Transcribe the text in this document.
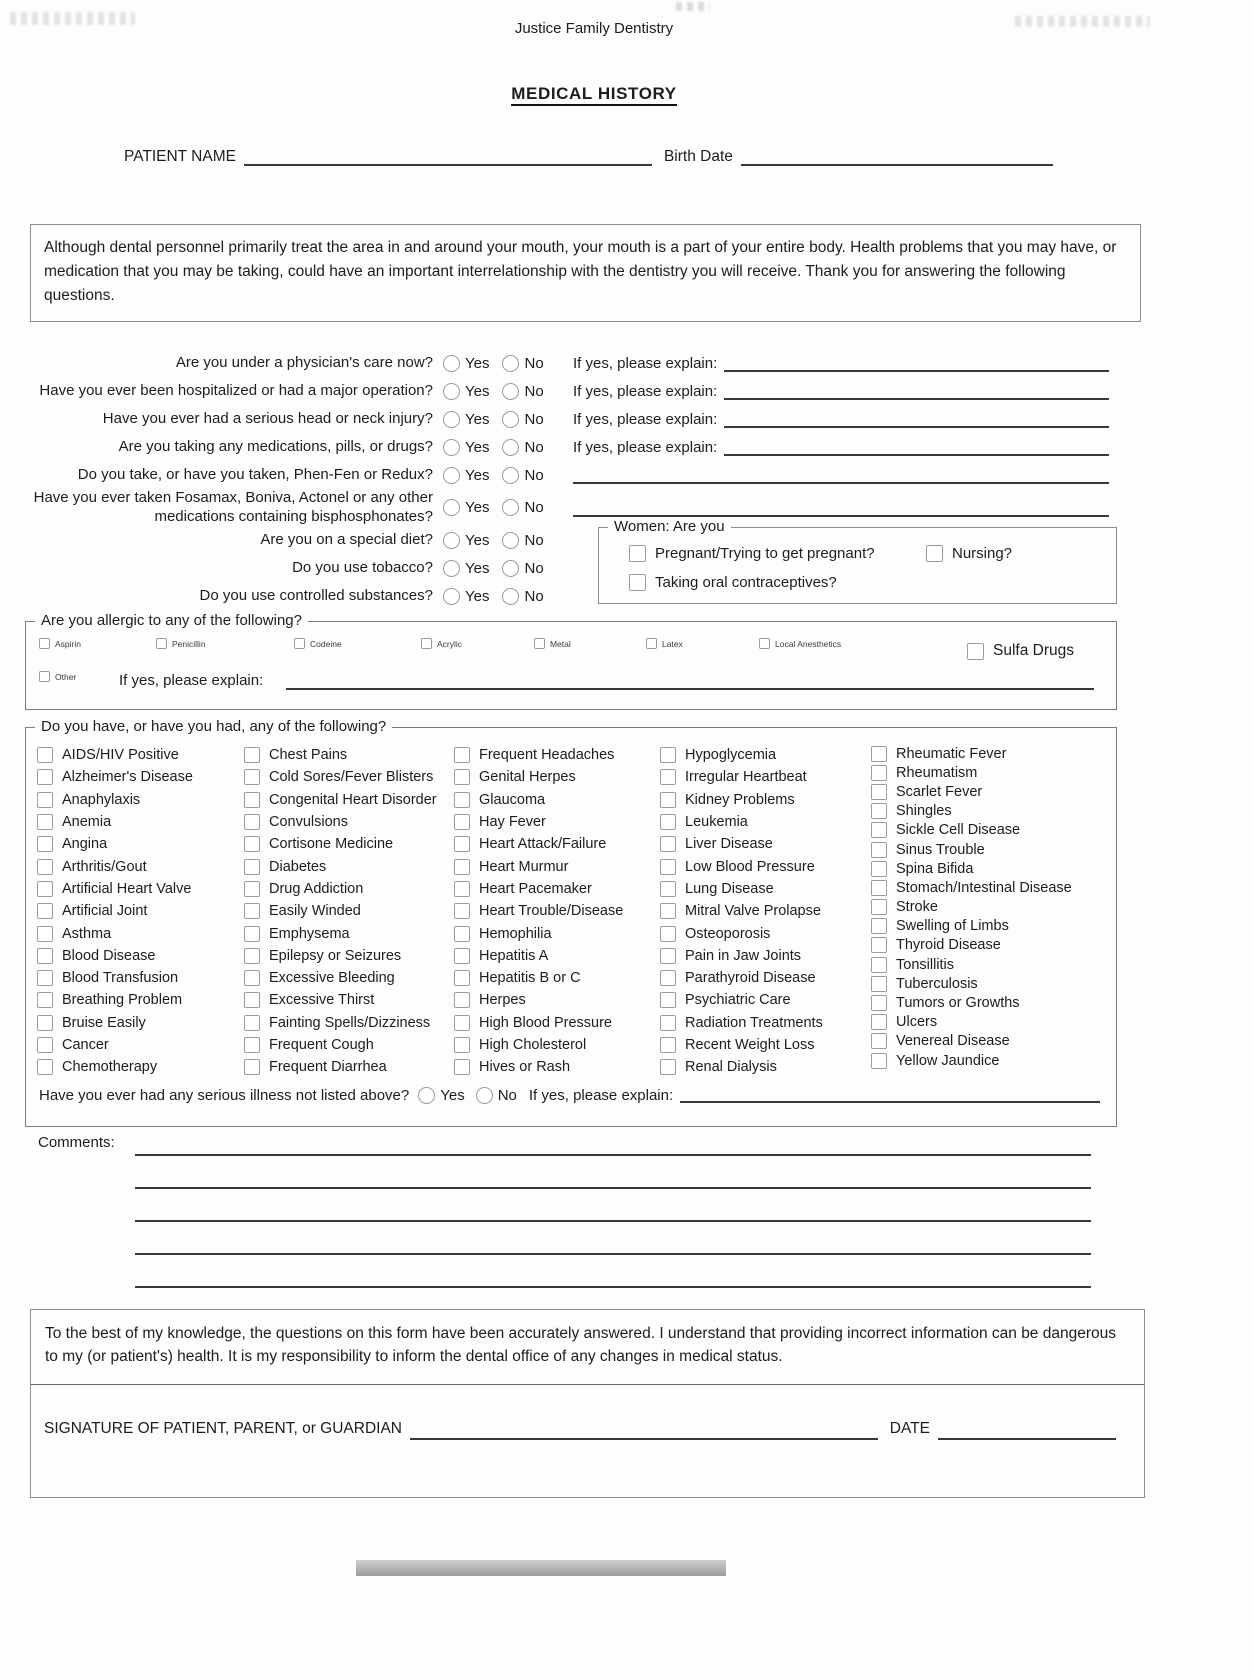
Justice Family Dentistry
MEDICAL HISTORY
PATIENT NAME	Birth Date

Although dental personnel primarily treat the area in and around your mouth, your mouth is a part of your entire body. Health problems that you may have, or medication that you may be taking, could have an important interrelationship with the dentistry you will receive. Thank you for answering the following questions.

Are you under a physician's care now? Yes No If yes, please explain:
Have you ever been hospitalized or had a major operation? Yes No If yes, please explain:
Have you ever had a serious head or neck injury? Yes No If yes, please explain:
Are you taking any medications, pills, or drugs? Yes No If yes, please explain:
Do you take, or have you taken, Phen-Fen or Redux? Yes No
Have you ever taken Fosamax, Boniva, Actonel or any other medications containing bisphosphonates? Yes No
Are you on a special diet? Yes No
Do you use tobacco? Yes No
Do you use controlled substances? Yes No
Women: Are you
Pregnant/Trying to get pregnant?	Nursing?
Taking oral contraceptives?
Are you allergic to any of the following?
Sulfa Drugs
Other	If yes, please explain:
Aspirin	Penicillin	Codeine	Acrylic	Metal	Latex	Local Anesthetics
Do you have, or have you had, any of the following?
AIDS/HIV Positive
Alzheimer's Disease
Anaphylaxis
Anemia
Angina
Arthritis/Gout
Artificial Heart Valve
Artificial Joint
Asthma
Blood Disease
Blood Transfusion
Breathing Problem
Bruise Easily
Cancer
Chemotherapy
Chest Pains
Cold Sores/Fever Blisters
Congenital Heart Disorder
Convulsions
Cortisone Medicine
Diabetes
Drug Addiction
Easily Winded
Emphysema
Epilepsy or Seizures
Excessive Bleeding
Excessive Thirst
Fainting Spells/Dizziness
Frequent Cough
Frequent Diarrhea
Frequent Headaches
Genital Herpes
Glaucoma
Hay Fever
Heart Attack/Failure
Heart Murmur
Heart Pacemaker
Heart Trouble/Disease
Hemophilia
Hepatitis A
Hepatitis B or C
Herpes
High Blood Pressure
High Cholesterol
Hives or Rash
Hypoglycemia
Irregular Heartbeat
Kidney Problems
Leukemia
Liver Disease
Low Blood Pressure
Lung Disease
Mitral Valve Prolapse
Osteoporosis
Pain in Jaw Joints
Parathyroid Disease
Psychiatric Care
Radiation Treatments
Recent Weight Loss
Renal Dialysis
Rheumatic Fever
Rheumatism
Scarlet Fever
Shingles
Sickle Cell Disease
Sinus Trouble
Spina Bifida
Stomach/Intestinal Disease
Stroke
Swelling of Limbs
Thyroid Disease
Tonsillitis
Tuberculosis
Tumors or Growths
Ulcers
Venereal Disease
Yellow Jaundice
Have you ever had any serious illness not listed above? Yes No If yes, please explain:
Comments:

To the best of my knowledge, the questions on this form have been accurately answered. I understand that providing incorrect information can be dangerous to my (or patient's) health. It is my responsibility to inform the dental office of any changes in medical status.

SIGNATURE OF PATIENT, PARENT, or GUARDIAN	DATE
